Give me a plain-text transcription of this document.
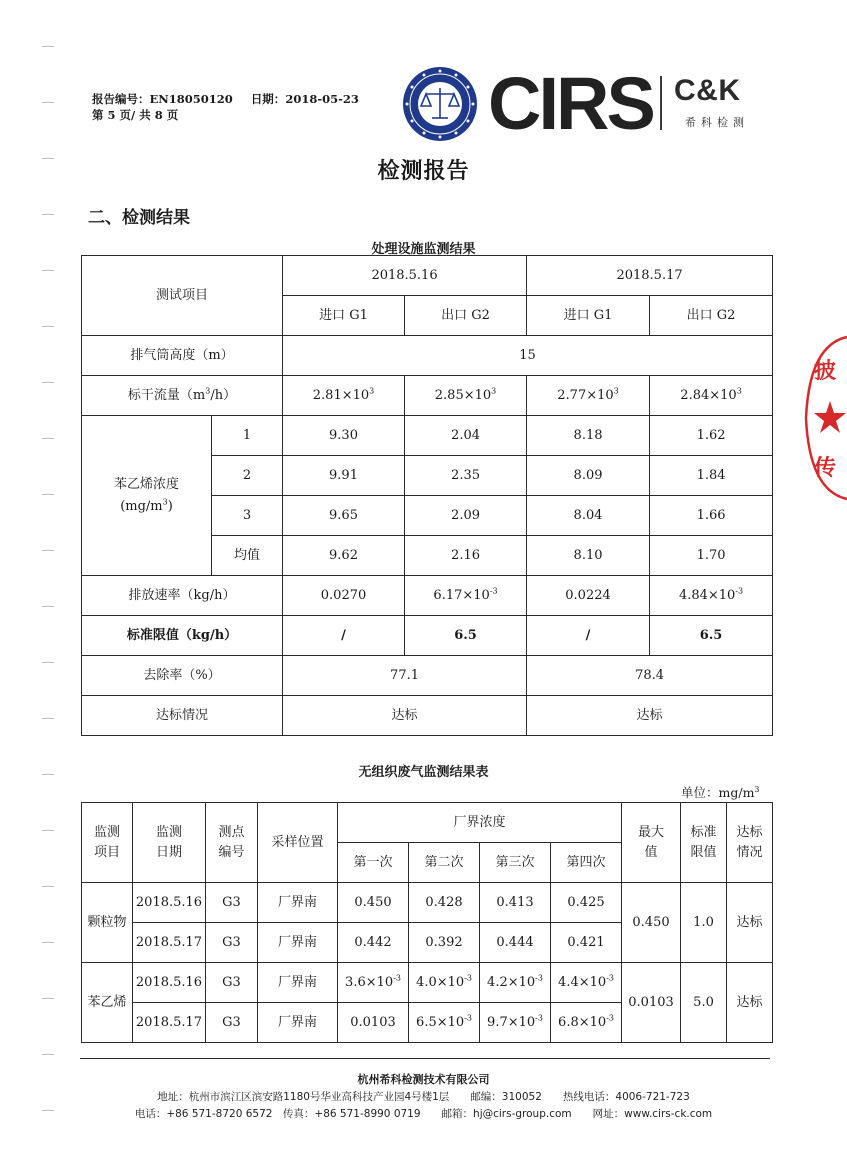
报告编号：EN18050120 日期：2018-05-23
第 5 页/ 共 8 页	CIRS C&K
希科检测
检测报告
二、检测结果
处理设施监测结果
测试项目		2018.5.16		2018.5.17	
		进口 G1	出口 G2	进口 G1	出口 G2
排气筒高度（m）		15			
标干流量$(m^3/h)$		$2.81\times 10^3$	$2.85\times 10^3$	$2.77\times 10^3$	$2.84\times 10^3$

苯乙烯浓度
$(mg/m^3)$	1	9.30	2.04	8.18	1.62
	2	9.91	2.35	8.09	1.84
	3	9.65	2.09	8.04	1.66
	均值	9.62	2.16	8.10	1.70
排放速率（kg/h）		0.0270	$6.17\times 10^{-3}$	0.0224	$4.84\times 10^{-3}$
标准限值（kg/h）		/	6.5	/	6.5
去除率（%）		77.1		78.4	
达标情况		达标		达标	
无组织废气监测结果表
单位：$mg/m^3$
监测项目	监测日期	测点编号	采样位置	厂界浓度				最大值	标准限值	达标情况

				第一次	第二次	第三次	第四次			
颗粒物	2018.5.16	G3	厂界南	0.450	0.428	0.413	0.425	0.450	1.0	达标
	2018.5.17	G3	厂界南	0.442	0.392	0.444	0.421			
苯乙烯	2018.5.16	G3	厂界南	$3.6\times 10^{-3}$	$4.0\times 10^{-3}$	$4.2\times 10^{-3}$	$4.4\times 10^{-3}$	0.0103	5.0	达标
	2018.5.17	G3	厂界南	0.0103	$6.5\times 10^{-3}$	$9.7\times 10^{-3}$	$6.8\times 10^{-3}$
杭州希科检测技术有限公司
地址：杭州市滨江区滨安路1180号华业高科技产业园4号楼1层　　邮编：310052　　热线电话：4006-721-723
电话：+86 571-8720 6572　传真：+86 571-8990 0719　　邮箱：hj@cirs-group.com　　网址：www.cirs-ck.com
披
传
